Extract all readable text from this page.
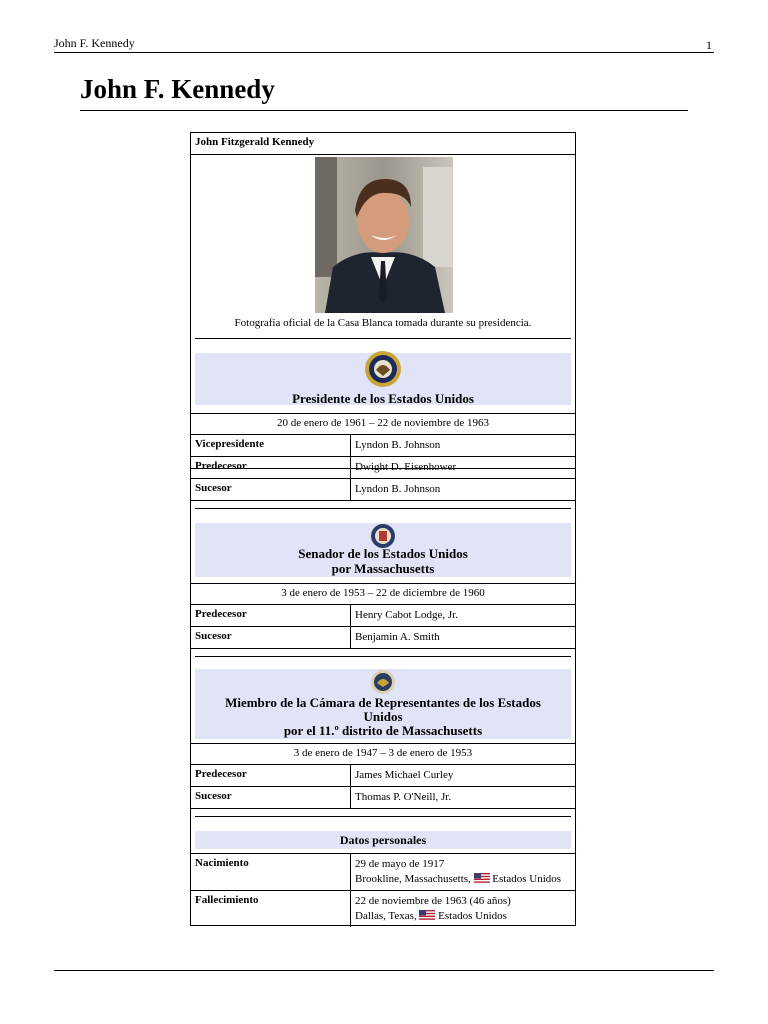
John F. Kennedy	1
John F. Kennedy
John Fitzgerald Kennedy
Fotografía oficial de la Casa Blanca tomada durante su presidencia.
Presidente de los Estados Unidos
20 de enero de 1961 – 22 de noviembre de 1963
Vicepresidente	Lyndon B. Johnson
Predecesor	Dwight D. Eisenhower
Sucesor	Lyndon B. Johnson
Senador de los Estados Unidos
por Massachusetts
3 de enero de 1953 – 22 de diciembre de 1960
Predecesor	Henry Cabot Lodge, Jr.
Sucesor	Benjamin A. Smith
Miembro de la Cámara de Representantes de los Estados
Unidos
por el 11.º distrito de Massachusetts
3 de enero de 1947 – 3 de enero de 1953
Predecesor	James Michael Curley
Sucesor	Thomas P. O'Neill, Jr.
Datos personales
Nacimiento	29 de mayo de 1917
Brookline, Massachusetts, Estados Unidos
Fallecimiento	22 de noviembre de 1963 (46 años)
Dallas, Texas, Estados Unidos
